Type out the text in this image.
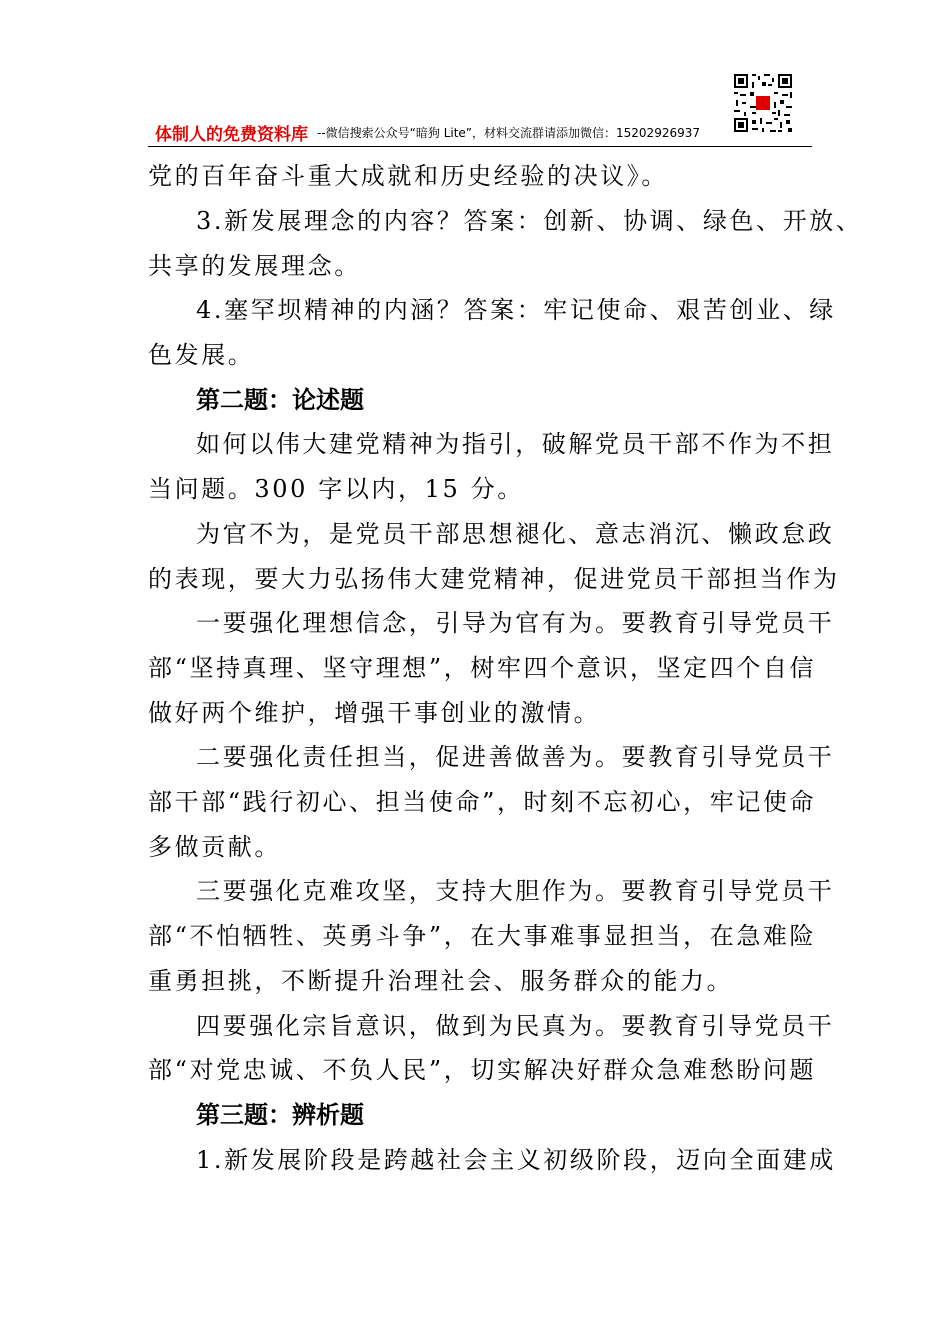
体制人的免费资料库 --微信搜索公众号“暗狗 Lite”，材料交流群请添加微信：15202926937
党的百年奋斗重大成就和历史经验的决议》。
3.新发展理念的内容？答案：创新、协调、绿色、开放、
共享的发展理念。
4.塞罕坝精神的内涵？答案：牢记使命、艰苦创业、绿
色发展。
第二题：论述题
如何以伟大建党精神为指引，破解党员干部不作为不担
当问题。300 字以内，15 分。
为官不为，是党员干部思想褪化、意志消沉、懒政怠政
的表现，要大力弘扬伟大建党精神，促进党员干部担当作为
一要强化理想信念，引导为官有为。要教育引导党员干
部“坚持真理、坚守理想”，树牢四个意识，坚定四个自信
做好两个维护，增强干事创业的激情。
二要强化责任担当，促进善做善为。要教育引导党员干
部干部“践行初心、担当使命”，时刻不忘初心，牢记使命
多做贡献。
三要强化克难攻坚，支持大胆作为。要教育引导党员干
部“不怕牺牲、英勇斗争”，在大事难事显担当，在急难险
重勇担挑，不断提升治理社会、服务群众的能力。
四要强化宗旨意识，做到为民真为。要教育引导党员干
部“对党忠诚、不负人民”，切实解决好群众急难愁盼问题
第三题：辨析题
1.新发展阶段是跨越社会主义初级阶段，迈向全面建成
